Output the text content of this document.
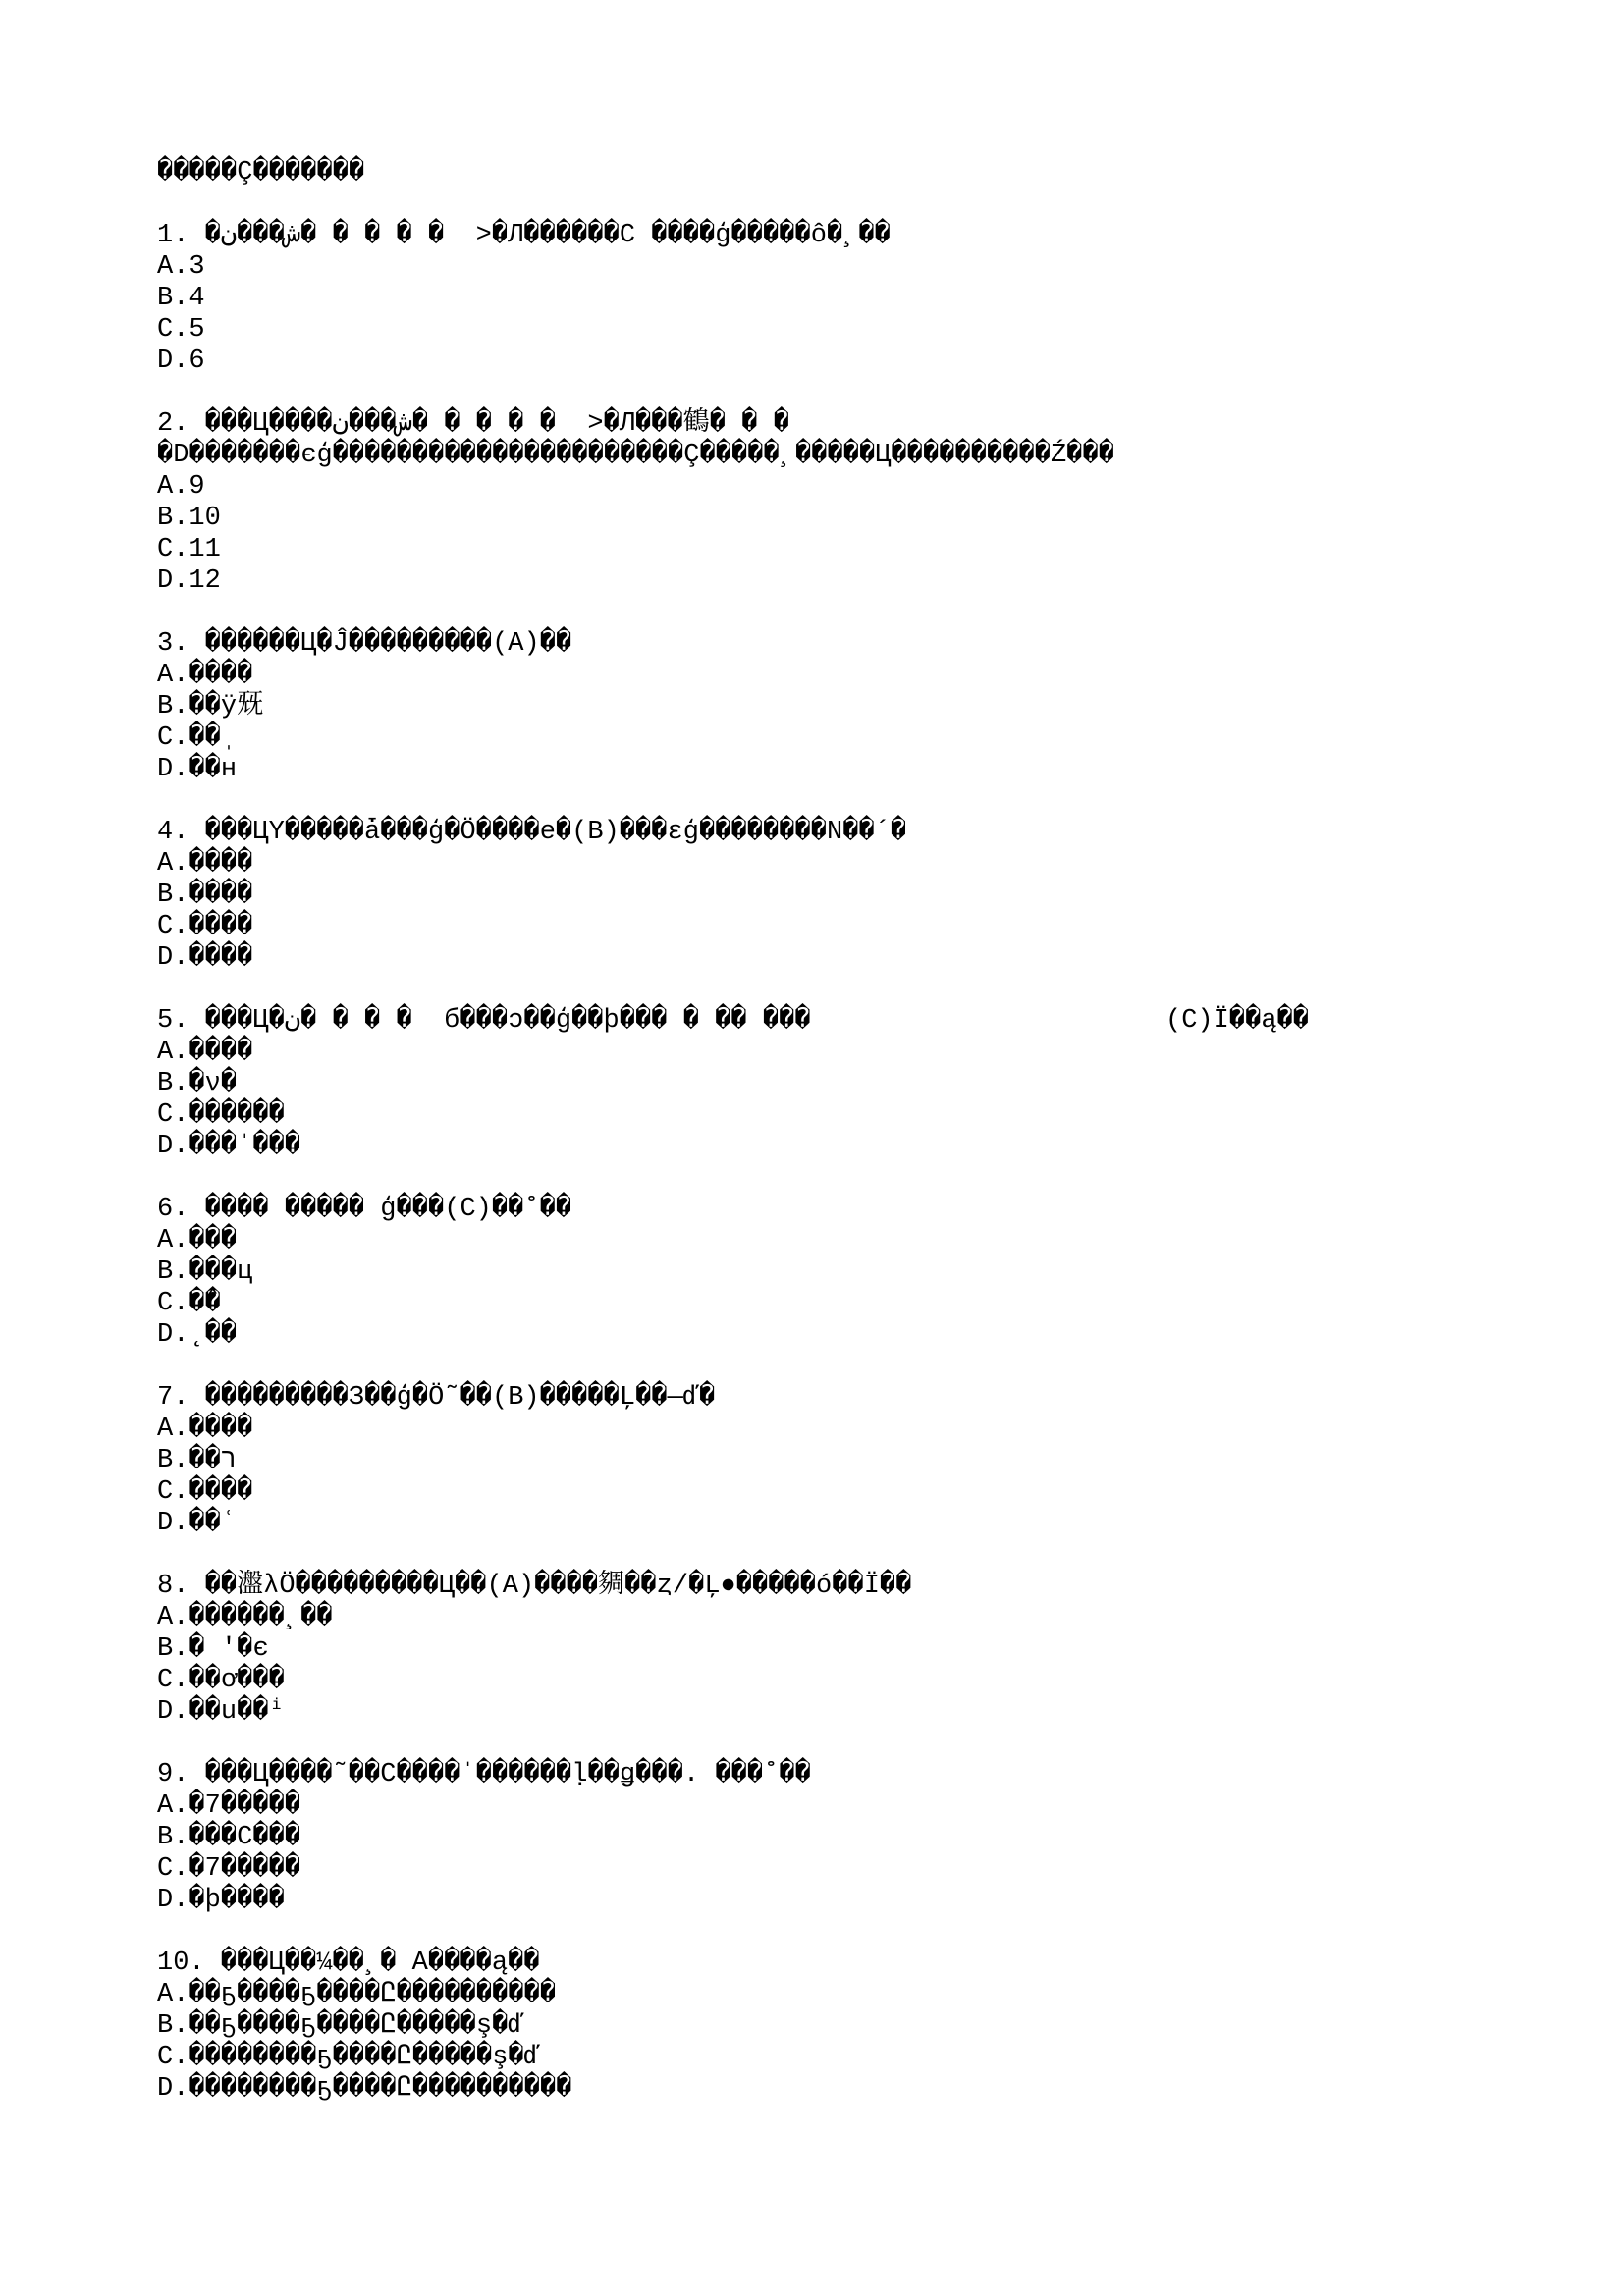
�����Ç�������
1. �ش���ن� � � � �  >�Л������C ����ģ�����ô�¸��
A.3
B.4
C.5
D.6
2. ���Ц����ش���ن� � � � �  >�Л���鶴� � �
�D�������єģ����������������������Ç�����¸�����Ц����������Ź���
A.9
B.10
C.11
D.12
3. ������Ц�Ĵ���������(A)��
A.����
B.��ÿ兓
C.��ˌ
D.��н
4. ���ЦY�����ǡ���ģ�Ö����е�(B)���ɛģ��������N��´�
A.����
B.����
C.����
D.����
5. ���Ц�ن� � � �  б���ɔ��ģ��þ��� � �� ���	(C)Ï��ą��
A.����
B.�ν�
C.������
D.���ˈ���
6. ���� ����� ģ���(C)��˚��
A.���
B.���ц
C.�̂�
D.˛��
7. ���������З��ģ�Ö˜��(B)�����Ļ��—ď�
A.����
B.��ר
C.����
D.��ʿ
8. ��瀊λÖ���������Ц��(A)����㚋��ȥ/�Ļ●�����ó��Ï��
A.������¸��
B.� ʹ�є
C.��ơ���
D.��u��ⁱ
9. ���Ц����˜��C����ˈ������ḷ��ǥ���. ���˚��
A.�7�����
B.���C���
C.�7�����
D.�þ����
10. ���Ц��¼��¸� A����ą��
A.��ҕ����ҕ����Ը����������
B.��ҕ����ҕ����Ը�����ş�ď
C.��������ҕ����Ը�����ş�ď
D.��������ҕ����Ը����������
